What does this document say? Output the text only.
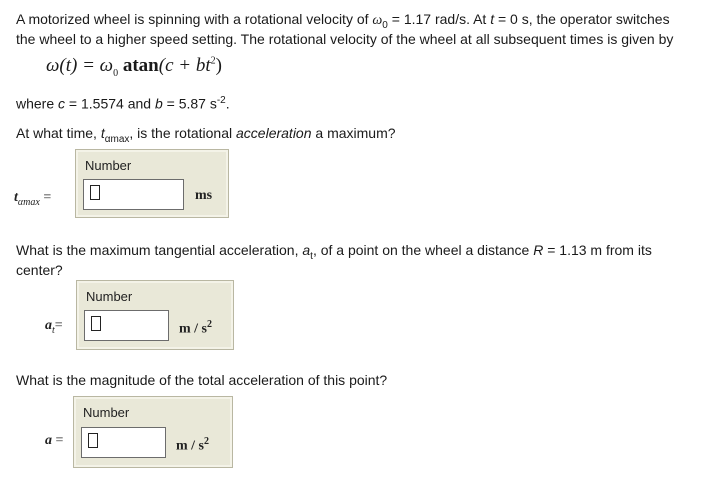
A motorized wheel is spinning with a rotational velocity of $\omega_0 = 1.17$ rad/s. At t = 0 s, the operator switches
the wheel to a higher speed setting. The rotational velocity of the wheel at all subsequent times is given by
$\omega(t) = \omega_0$ $atan(c + bt^2)$
where c = 1.5574 and b = 5.87 $s^{-2}$.
At what time, $t_{\alpha max}$, is the rotational acceleration a maximum?
$t_{\alpha max}$ =
Number
ms
What is the maximum tangential acceleration, $a_t$, of a point on the wheel a distance R = 1.13 m from its
center?
$a_t=$
Number
m / $s^2$
What is the magnitude of the total acceleration of this point?
a =
Number
m / $s^2$
